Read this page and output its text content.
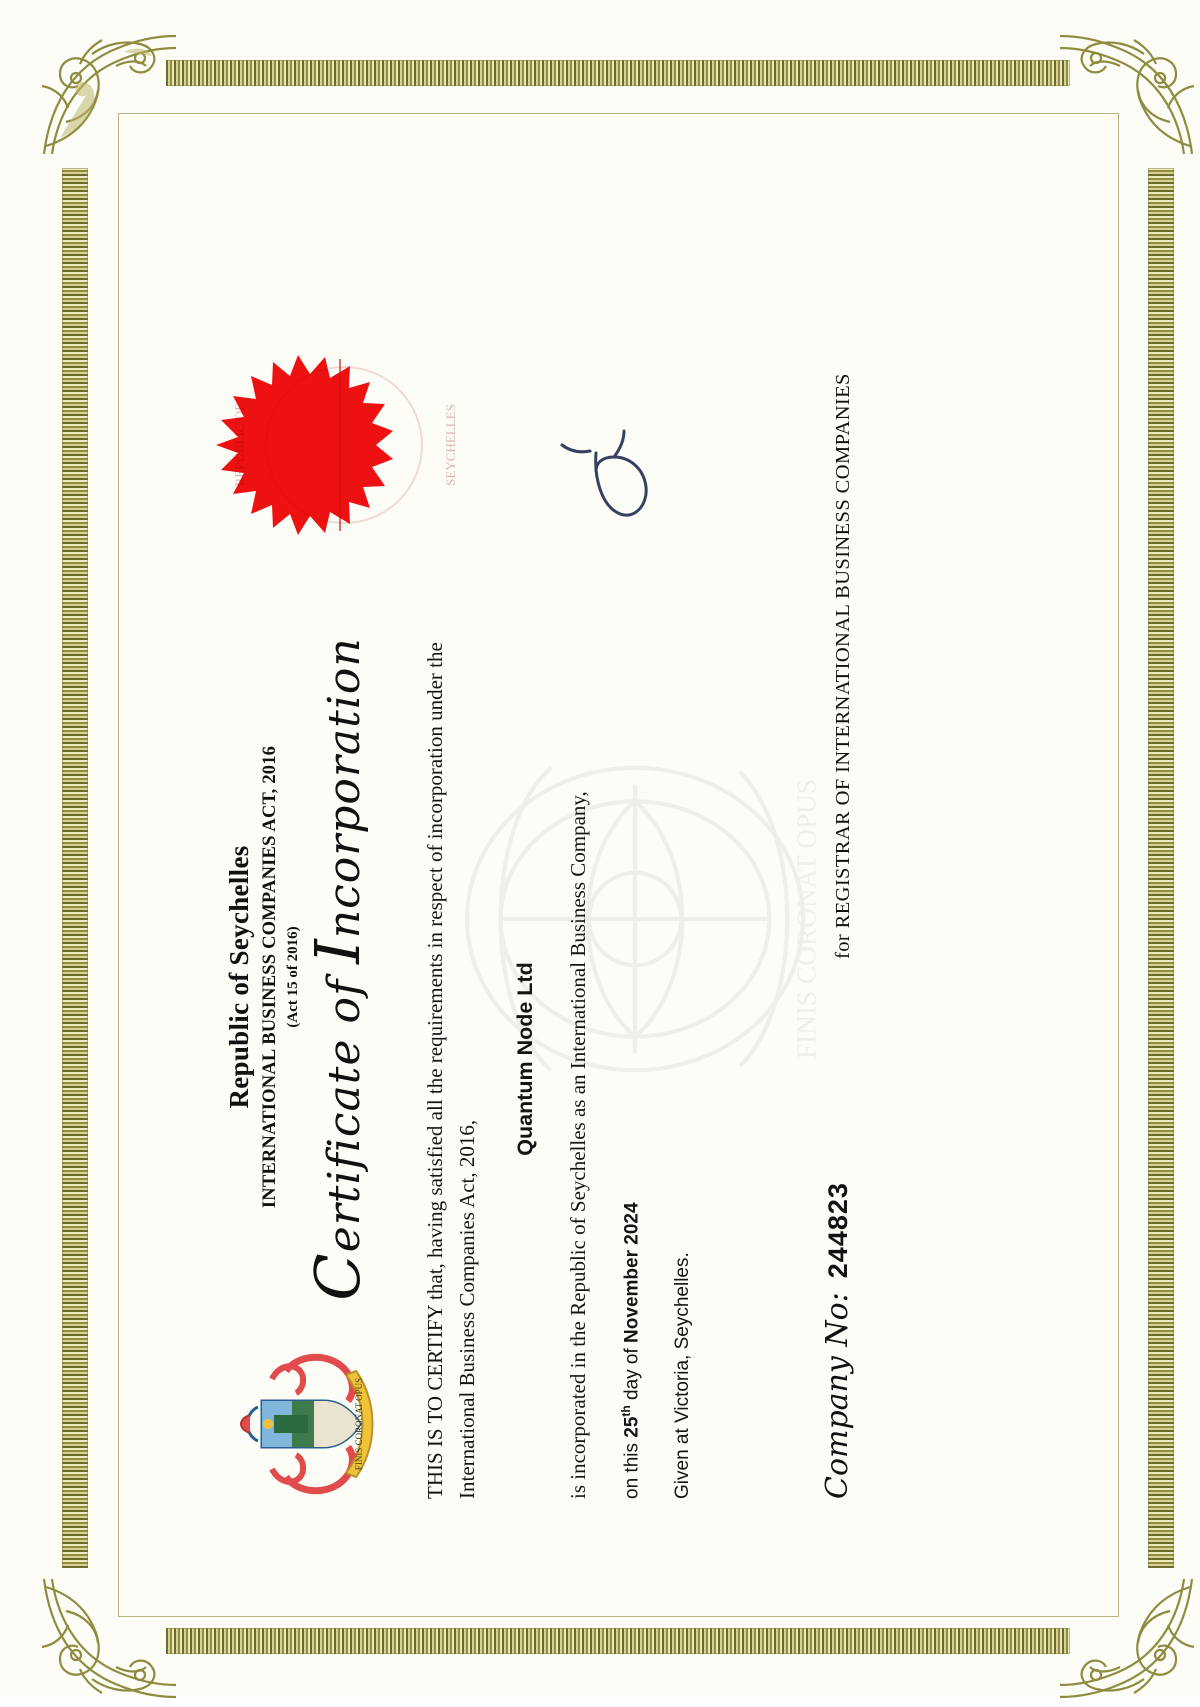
FINIS CORONAT OPUS
FINIS CORONAT OPUS
Republic of Seychelles INTERNATIONAL BUSINESS COMPANIES ACT, 2016 (Act 15 of 2016)
Certificate of Incorporation	THIS IS TO CERTIFY that, having satisfied all the requirements in respect of incorporation under the International Business Companies Act, 2016,

Quantum Node Ltd is incorporated in the Republic of Seychelles as an International Business Company, on this 25th day of November 2024 Given at Victoria, Seychelles.	Company No:244823
for REGISTRAR OF INTERNATIONAL BUSINESS COMPANIES
REPUBLIC OF	SEYCHELLES
